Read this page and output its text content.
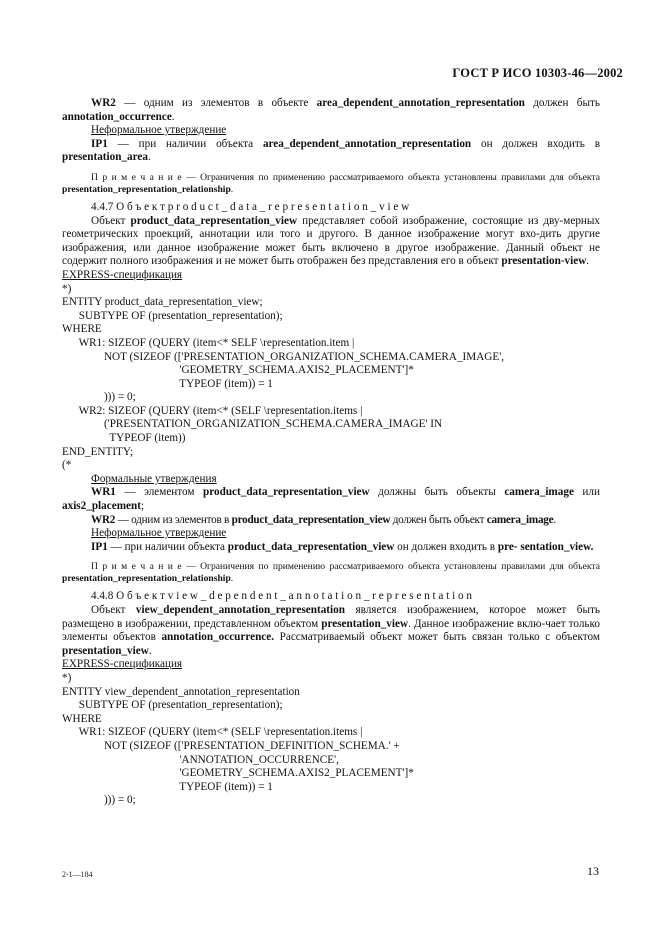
ГОСТ Р ИСО 10303-46—2002

WR2 — одним из элементов в объекте area_dependent_annotation_representation должен быть annotation_occurrence.

Неформальное утверждение

IP1 — при наличии объекта area_dependent_annotation_representation он должен входить в presentation_area.

П р и м е ч а н и е — Ограничения по применению рассматриваемого объекта установлены правилами для объекта presentation_representation_relationship.

4.4.7 О б ъ е к т p r o d u c t _ d a t a _ r e p r e s e n t a t i o n _ v i e w

Объект product_data_representation_view представляет собой изображение, состоящие из дву-мерных геометрических проекций, аннотации или того и другого. В данное изображение могут вхо-дить другие изображения, или данное изображение может быть включено в другое изображение. Данный объект не содержит полного изображения и не может быть отображен без представления его в объект presentation-view.

EXPRESS-спецификация

*)
ENTITY product_data_representation_view;
SUBTYPE OF (presentation_representation);
WHERE
WR1: SIZEOF (QUERY (item<* SELF \representation.item |
NOT (SIZEOF (['PRESENTATION_ORGANIZATION_SCHEMA.CAMERA_IMAGE',
'GEOMETRY_SCHEMA.AXIS2_PLACEMENT']*
TYPEOF (item)) = 1
))) = 0;
WR2: SIZEOF (QUERY (item<* (SELF \representation.items |
('PRESENTATION_ORGANIZATION_SCHEMA.CAMERA_IMAGE' IN
TYPEOF (item))
END_ENTITY;
(*

Формальные утверждения

WR1 — элементом product_data_representation_view должны быть объекты camera_image или axis2_placement;

WR2 — одним из элементов в product_data_representation_view должен быть объект camera_image.

Неформальное утверждение

IP1 — при наличии объекта product_data_representation_view он должен входить в pre- sentation_view.

П р и м е ч а н и е — Ограничения по применению рассматриваемого объекта установлены правилами для объекта presentation_representation_relationship.

4.4.8 О б ъ е к т v i e w _ d e p e n d e n t _ a n n o t a t i o n _ r e p r e s e n t a t i o n

Объект view_dependent_annotation_representation является изображением, которое может быть размещено в изображении, представленном объектом presentation_view. Данное изображение вклю-чает только элементы объектов annotation_occurrence. Рассматриваемый объект может быть связан только с объектом presentation_view.

EXPRESS-спецификация

*)
ENTITY view_dependent_annotation_representation
SUBTYPE OF (presentation_representation);
WHERE
WR1: SIZEOF (QUERY (item<* (SELF \representation.items |
NOT (SIZEOF (['PRESENTATION_DEFINITION_SCHEMA.' +
'ANNOTATION_OCCURRENCE',
'GEOMETRY_SCHEMA.AXIS2_PLACEMENT']*
TYPEOF (item)) = 1
))) = 0;
2-1—184	13
